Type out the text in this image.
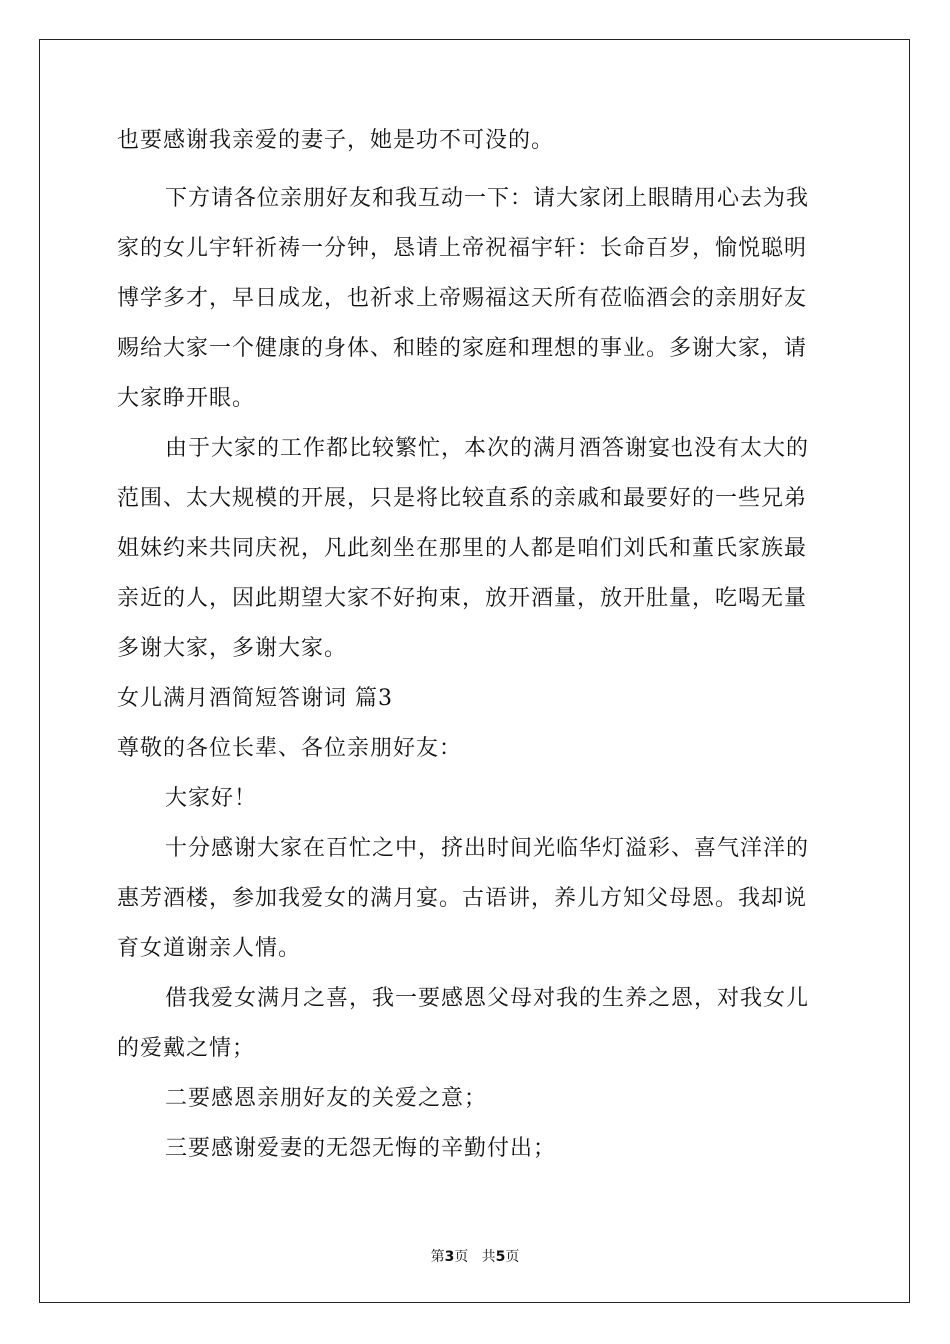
也要感谢我亲爱的妻子，她是功不可没的。
下方请各位亲朋好友和我互动一下：请大家闭上眼睛用心去为我
家的女儿宇轩祈祷一分钟，恳请上帝祝福宇轩：长命百岁，愉悦聪明
博学多才，早日成龙，也祈求上帝赐福这天所有莅临酒会的亲朋好友
赐给大家一个健康的身体、和睦的家庭和理想的事业。多谢大家，请
大家睁开眼。
由于大家的工作都比较繁忙，本次的满月酒答谢宴也没有太大的
范围、太大规模的开展，只是将比较直系的亲戚和最要好的一些兄弟
姐妹约来共同庆祝，凡此刻坐在那里的人都是咱们刘氏和董氏家族最
亲近的人，因此期望大家不好拘束，放开酒量，放开肚量，吃喝无量
多谢大家，多谢大家。
女儿满月酒简短答谢词 篇3
尊敬的各位长辈、各位亲朋好友：
大家好！
十分感谢大家在百忙之中，挤出时间光临华灯溢彩、喜气洋洋的
惠芳酒楼，参加我爱女的满月宴。古语讲，养儿方知父母恩。我却说
育女道谢亲人情。
借我爱女满月之喜，我一要感恩父母对我的生养之恩，对我女儿
的爱戴之情；
二要感恩亲朋好友的关爱之意；
三要感谢爱妻的无怨无悔的辛勤付出；
第3页 共5页
